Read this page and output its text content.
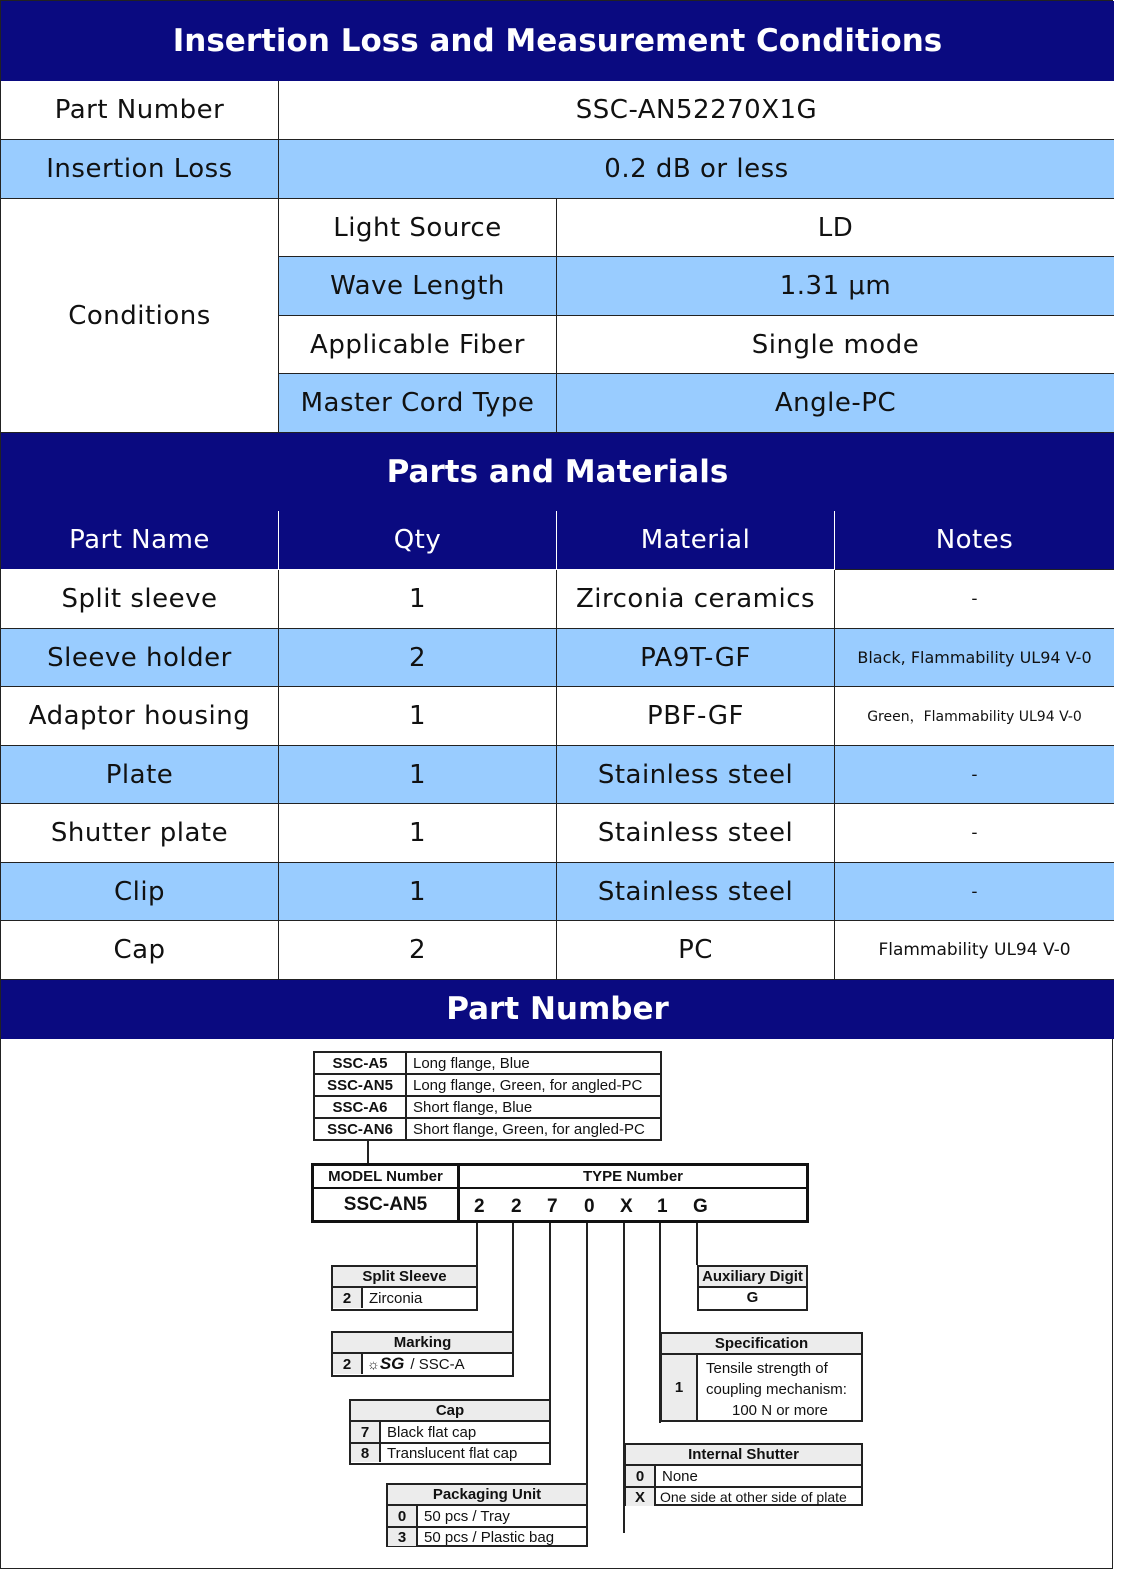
Insertion Loss and Measurement Conditions
Part Number	SSC-AN52270X1G
Insertion Loss	0.2 dB or less
Conditions
Light Source	LD
Wave Length	1.31 μm
Applicable Fiber	Single mode
Master Cord Type	Angle-PC
Parts and Materials
Part Name	Qty	Material	Notes
Split sleeve	1	Zirconia ceramics	-
Sleeve holder	2	PA9T-GF	Black, Flammability UL94 V-0
Adaptor housing	1	PBF-GF	Green，Flammability UL94 V-0
Plate	1	Stainless steel	-
Shutter plate	1	Stainless steel	-
Clip	1	Stainless steel	-
Cap	2	PC	Flammability UL94 V-0
Part Number
SSC-A5	Long flange, Blue
SSC-AN5	Long flange, Green, for angled-PC
SSC-A6	Short flange, Blue
SSC-AN6	Short flange, Green, for angled-PC
MODEL Number	TYPE Number
SSC-AN5	2 2 7 0 X 1 G
Split Sleeve
2	Zirconia
Marking
2	☼SG / SSC-A
Cap
7	Black flat cap
8	Translucent flat cap
Packaging Unit
0	50 pcs / Tray
3	50 pcs / Plastic bag
Auxiliary Digit
G
Specification
1
Tensile strength of
coupling mechanism:
100 N or more
Internal Shutter
0	None
X	One side at other side of plate
